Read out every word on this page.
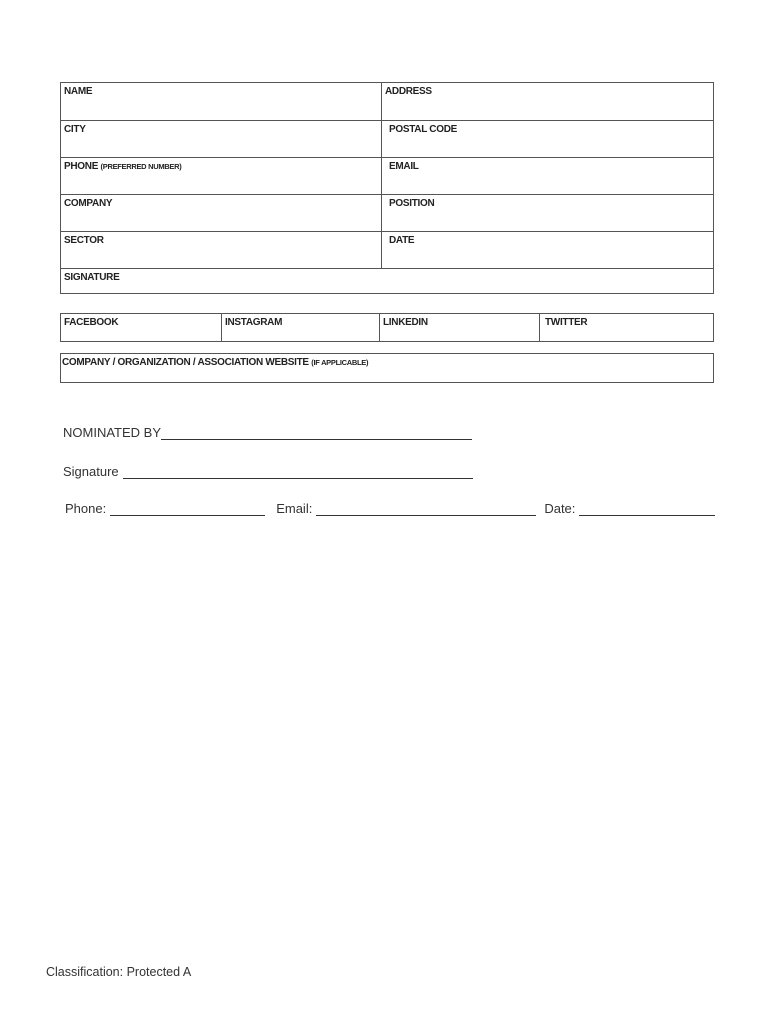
NAME	ADDRESS
CITY	POSTAL CODE
PHONE (PREFERRED NUMBER)	EMAIL
COMPANY	POSITION
SECTOR	DATE
SIGNATURE
FACEBOOK	INSTAGRAM	LINKEDIN	TWITTER
COMPANY / ORGANIZATION / ASSOCIATION WEBSITE (IF APPLICABLE)
NOMINATED BY
Signature
Phone:	Email:	Date:
Classification: Protected A
